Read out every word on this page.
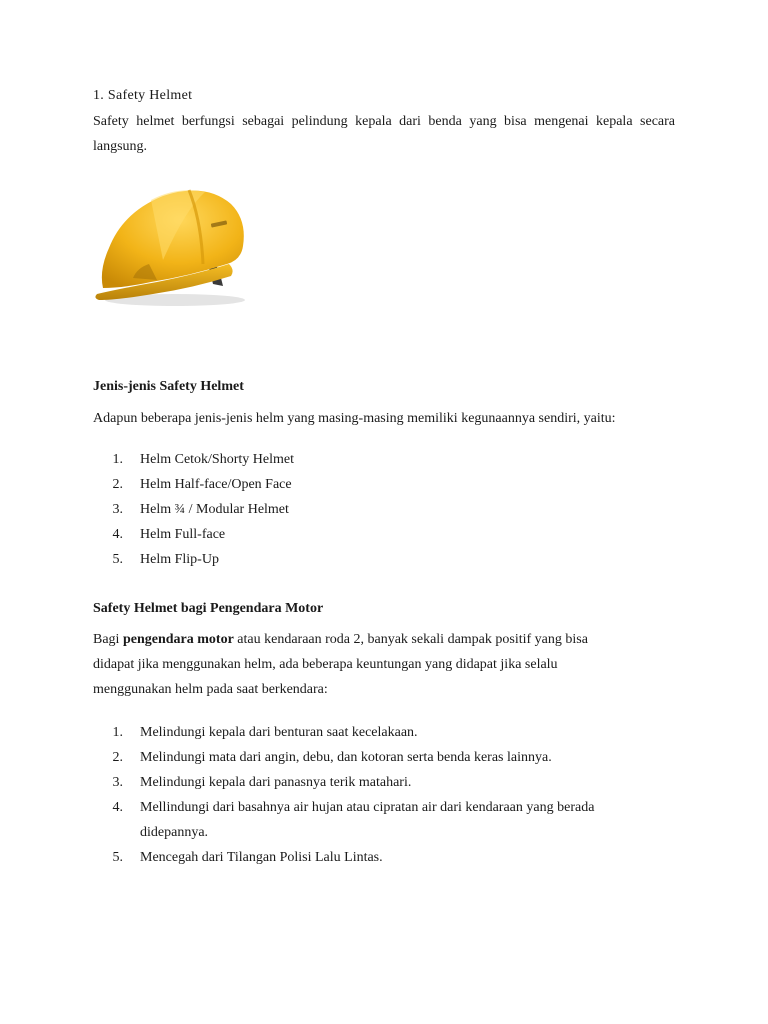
1. Safety Helmet
Safety helmet berfungsi sebagai pelindung kepala dari benda yang bisa mengenai kepala secara langsung.
Jenis-jenis Safety Helmet
Adapun beberapa jenis-jenis helm yang masing-masing memiliki kegunaannya sendiri, yaitu:
1. Helm Cetok/Shorty Helmet
2. Helm Half-face/Open Face
3. Helm ¾ / Modular Helmet
4. Helm Full-face
5. Helm Flip-Up
Safety Helmet bagi Pengendara Motor
Bagi pengendara motor atau kendaraan roda 2, banyak sekali dampak positif yang bisa
didapat jika menggunakan helm, ada beberapa keuntungan yang didapat jika selalu
menggunakan helm pada saat berkendara:
1. Melindungi kepala dari benturan saat kecelakaan.
2. Melindungi mata dari angin, debu, dan kotoran serta benda keras lainnya.
3. Melindungi kepala dari panasnya terik matahari.
4. Mellindungi dari basahnya air hujan atau cipratan air dari kendaraan yang berada
didepannya.
5. Mencegah dari Tilangan Polisi Lalu Lintas.
